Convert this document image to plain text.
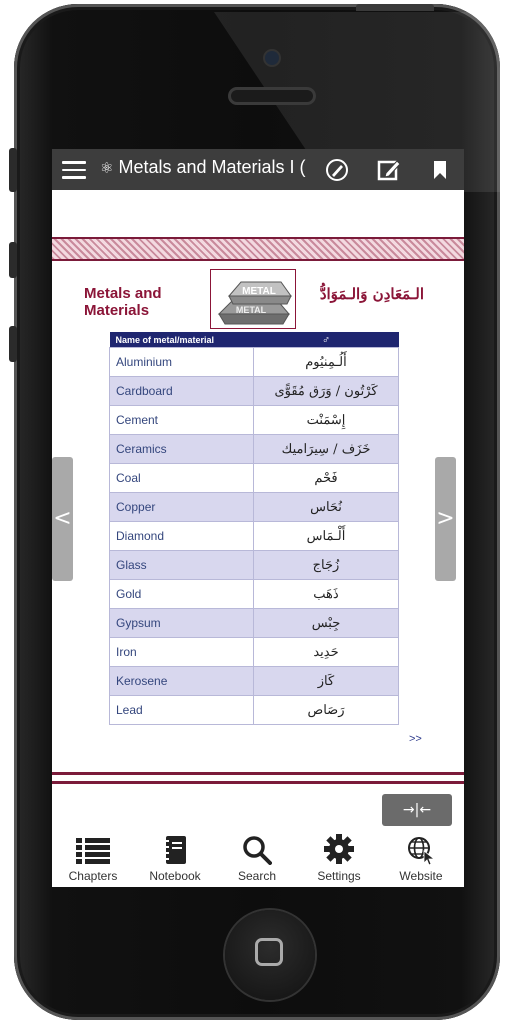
⚛ Metals and Materials I (
Metals and Materials
METAL
METAL
الـمَعَادِن وَالـمَوَادُّ
Name of metal/material	♂
Aluminium	أَلُـمِنيُوم
Cardboard	كَرْتُون / وَرَق مُقَوًّى
Cement	إِسْمَنْت
Ceramics	خَزَف / سِيرَاميك
Coal	فَحْم
Copper	نُحَاس
Diamond	أَلْـمَاس
Glass	زُجَاج
Gold	ذَهَب
Gypsum	جِبْس
Iron	حَدِيد
Kerosene	كَاز
Lead	رَصَاص
>>
→|←
Chapters	Notebook	Search	Settings	Website
<	>
